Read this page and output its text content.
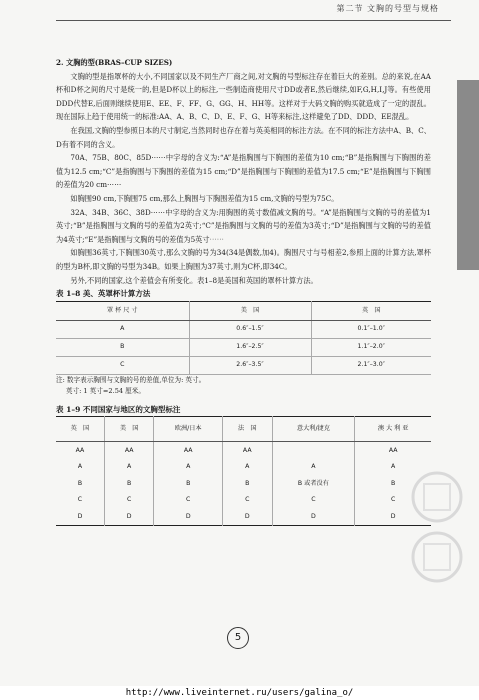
第二节 文胸的号型与规格

2. 文胸的型(BRAS–CUP SIZES)

文胸的型是指罩杯的大小,不同国家以及不同生产厂商之间,对文胸的号型标注存在着巨大的差别。总的来说,在AA杯和D杯之间的尺寸是统一的,但是D杯以上的标注,一些制造商使用尺寸DD或者E,然后继续,如F,G,H,I,J等。有些使用DDD代替E,后面则继续使用E、EE、F、FF、G、GG、H、HH等。这样对于大码文胸的购买就造成了一定的混乱。现在国际上趋于使用统一的标准:AA、A、B、C、D、E、F、G、H等来标注,这样避免了DD、DDD、EE混乱。

在我国,文胸的型参照日本的尺寸制定,当然同时也存在着与英美相同的标注方法。在不同的标注方法中A、B、C、D有着不同的含义。

70A、75B、80C、85D⋯⋯中字母的含义为:“A”是指胸围与下胸围的差值为10 cm;“B”是指胸围与下胸围的差值为12.5 cm;“C”是指胸围与下胸围的差值为15 cm;“D”是指胸围与下胸围的差值为17.5 cm;“E”是指胸围与下胸围的差值为20 cm⋯⋯

如胸围90 cm,下胸围75 cm,那么上胸围与下胸围差值为15 cm,文胸的号型为75C。

32A、34B、36C、38D⋯⋯中字母的含义为:用胸围的英寸数值减文胸的号。“A”是指胸围与文胸的号的差值为1英寸;“B”是指胸围与文胸的号的差值为2英寸;“C”是指胸围与文胸的号的差值为3英寸;“D”是指胸围与文胸的号的差值为4英寸;“E”是指胸围与文胸的号的差值为5英寸⋯⋯

如胸围36英寸,下胸围30英寸,那么文胸的号为34(34是偶数,加4)。胸围尺寸与号相差2,参照上面的计算方法,罩杯的型为B杯,即文胸的号型为34B。如果上胸围为37英寸,则为C杯,即34C。

另外,不同的国家,这个差值会有所变化。表1–8是美国和英国的罩杯计算方法。

表 1–8 美、英罩杯计算方法

罩 杯 尺 寸	美　国	英　国
A	0.6″–1.5″	0.1″–1.0″
B	1.6″–2.5″	1.1″–2.0″
C	2.6″–3.5″	2.1″–3.0″

注: 数字表示胸围与文胸的号的差值,单位为: 英寸。

英寸: 1 英寸=2.54 厘米。

表 1–9 不同国家与地区的文胸型标注

英　国	美　国	欧洲/日本	法　国	意大利/捷克	澳 大 利 亚
AA	AA	AA	AA		AA
A	A	A	A	A	A
B	B	B	B	B 或者没有	B
C	C	C	C	C	C
D	D	D	D	D	D
5
http://www.liveinternet.ru/users/galina_o/
